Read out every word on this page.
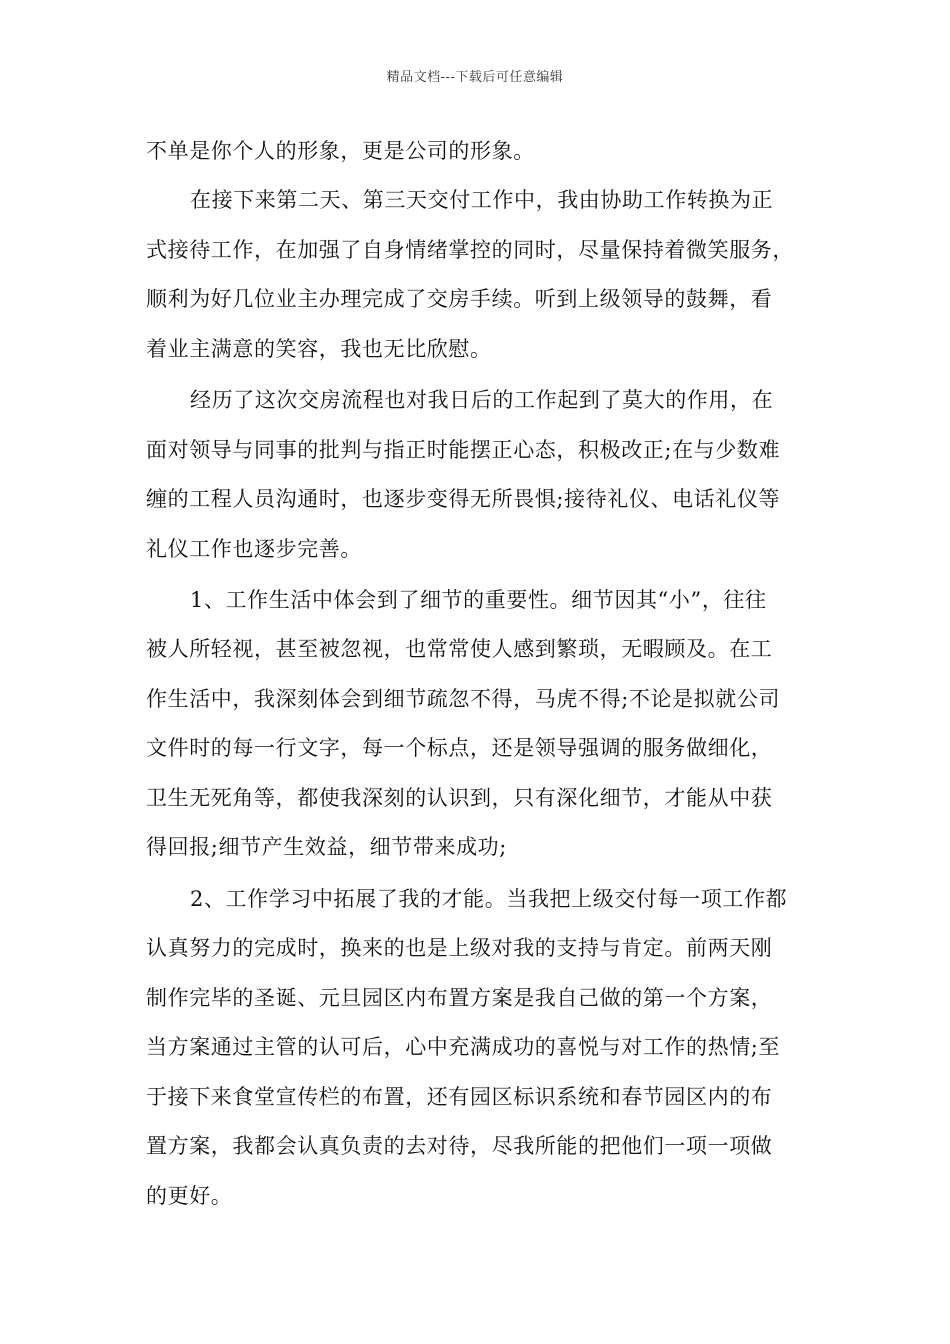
精品文档---下载后可任意编辑
不单是你个人的形象，更是公司的形象。
在接下来第二天、第三天交付工作中，我由协助工作转换为正
式接待工作，在加强了自身情绪掌控的同时，尽量保持着微笑服务，
顺利为好几位业主办理完成了交房手续。听到上级领导的鼓舞，看
着业主满意的笑容，我也无比欣慰。
经历了这次交房流程也对我日后的工作起到了莫大的作用，在
面对领导与同事的批判与指正时能摆正心态，积极改正;在与少数难
缠的工程人员沟通时，也逐步变得无所畏惧;接待礼仪、电话礼仪等
礼仪工作也逐步完善。
1、工作生活中体会到了细节的重要性。细节因其“小”，往往
被人所轻视，甚至被忽视，也常常使人感到繁琐，无暇顾及。在工
作生活中，我深刻体会到细节疏忽不得，马虎不得;不论是拟就公司
文件时的每一行文字，每一个标点，还是领导强调的服务做细化，
卫生无死角等，都使我深刻的认识到，只有深化细节，才能从中获
得回报;细节产生效益，细节带来成功;
2、工作学习中拓展了我的才能。当我把上级交付每一项工作都
认真努力的完成时，换来的也是上级对我的支持与肯定。前两天刚
制作完毕的圣诞、元旦园区内布置方案是我自己做的第一个方案，
当方案通过主管的认可后，心中充满成功的喜悦与对工作的热情;至
于接下来食堂宣传栏的布置，还有园区标识系统和春节园区内的布
置方案，我都会认真负责的去对待，尽我所能的把他们一项一项做
的更好。
